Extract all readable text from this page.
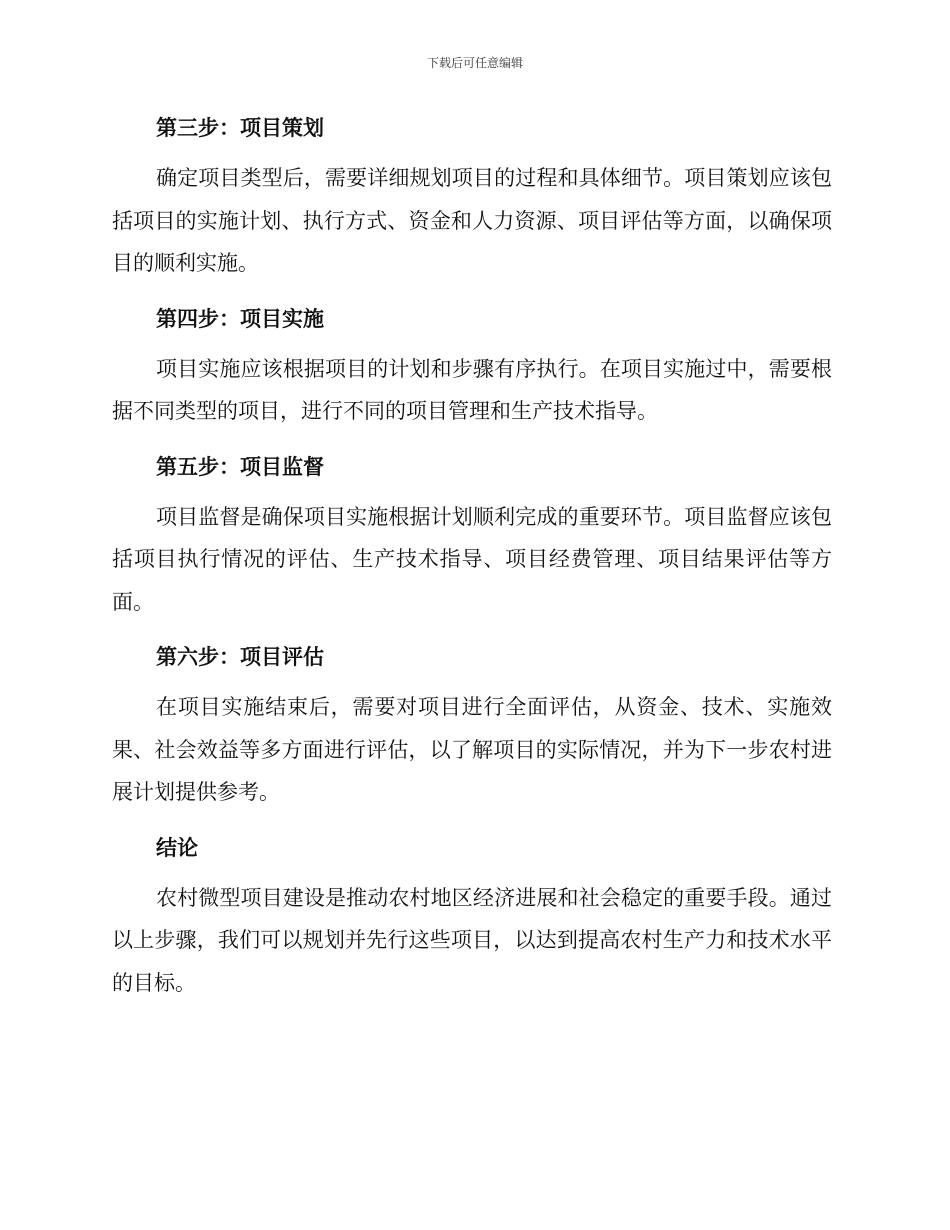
下载后可任意编辑
第三步：项目策划

确定项目类型后，需要详细规划项目的过程和具体细节。项目策划应该包括项目的实施计划、执行方式、资金和人力资源、项目评估等方面，以确保项目的顺利实施。

第四步：项目实施

项目实施应该根据项目的计划和步骤有序执行。在项目实施过中，需要根据不同类型的项目，进行不同的项目管理和生产技术指导。

第五步：项目监督

项目监督是确保项目实施根据计划顺利完成的重要环节。项目监督应该包括项目执行情况的评估、生产技术指导、项目经费管理、项目结果评估等方面。

第六步：项目评估

在项目实施结束后，需要对项目进行全面评估，从资金、技术、实施效果、社会效益等多方面进行评估，以了解项目的实际情况，并为下一步农村进展计划提供参考。

结论

农村微型项目建设是推动农村地区经济进展和社会稳定的重要手段。通过以上步骤，我们可以规划并先行这些项目，以达到提高农村生产力和技术水平的目标。
